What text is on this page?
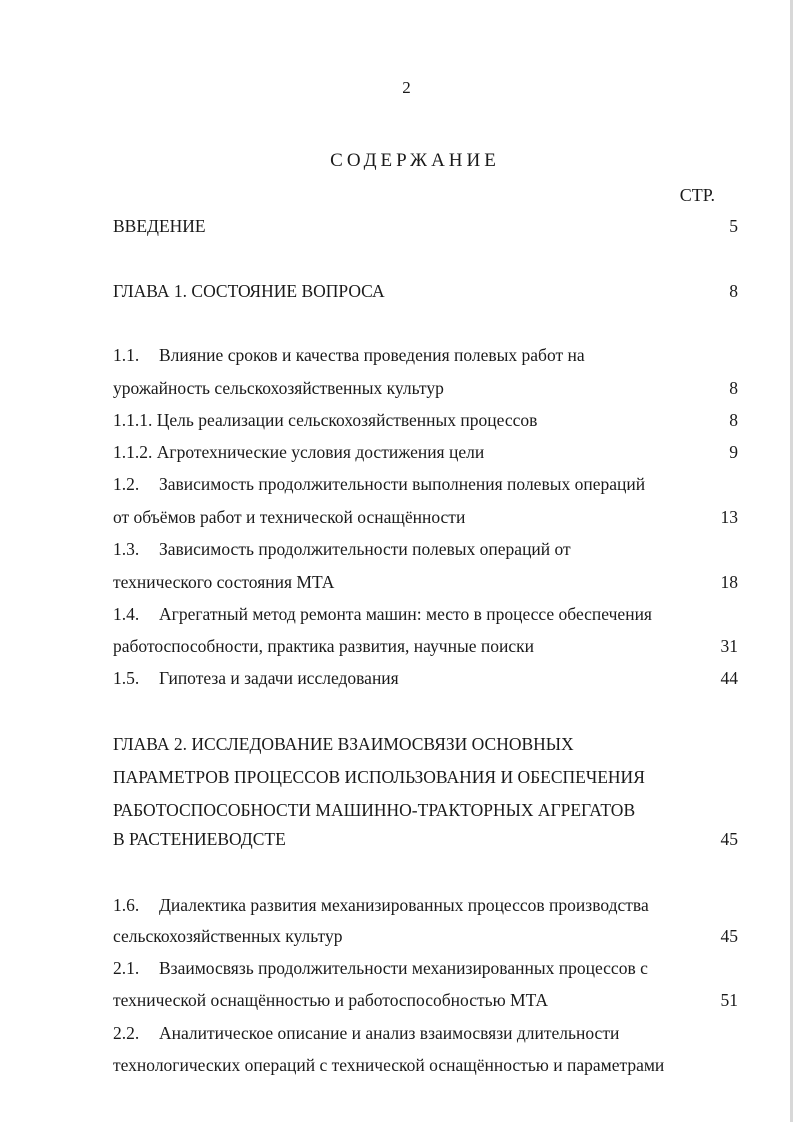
2
СОДЕРЖАНИЕ
СТР.
ВВЕДЕНИЕ	5
ГЛАВА 1. СОСТОЯНИЕ ВОПРОСА	8
1.1. Влияние сроков и качества проведения полевых работ на
урожайность сельскохозяйственных культур	8
1.1.1. Цель реализации сельскохозяйственных процессов	8
1.1.2. Агротехнические условия достижения цели	9
1.2. Зависимость продолжительности выполнения полевых операций
от объёмов работ и технической оснащённости	13
1.3. Зависимость продолжительности полевых операций от
технического состояния МТА	18
1.4. Агрегатный метод ремонта машин: место в процессе обеспечения
работоспособности, практика развития, научные поиски	31
1.5. Гипотеза и задачи исследования	44
ГЛАВА 2. ИССЛЕДОВАНИЕ ВЗАИМОСВЯЗИ ОСНОВНЫХ
ПАРАМЕТРОВ ПРОЦЕССОВ ИСПОЛЬЗОВАНИЯ И ОБЕСПЕЧЕНИЯ
РАБОТОСПОСОБНОСТИ МАШИННО-ТРАКТОРНЫХ АГРЕГАТОВ
В РАСТЕНИЕВОДСТЕ	45
1.6. Диалектика развития механизированных процессов производства
сельскохозяйственных культур	45
2.1. Взаимосвязь продолжительности механизированных процессов с
технической оснащённостью и работоспособностью МТА	51
2.2. Аналитическое описание и анализ взаимосвязи длительности
технологических операций с технической оснащённостью и параметрами
